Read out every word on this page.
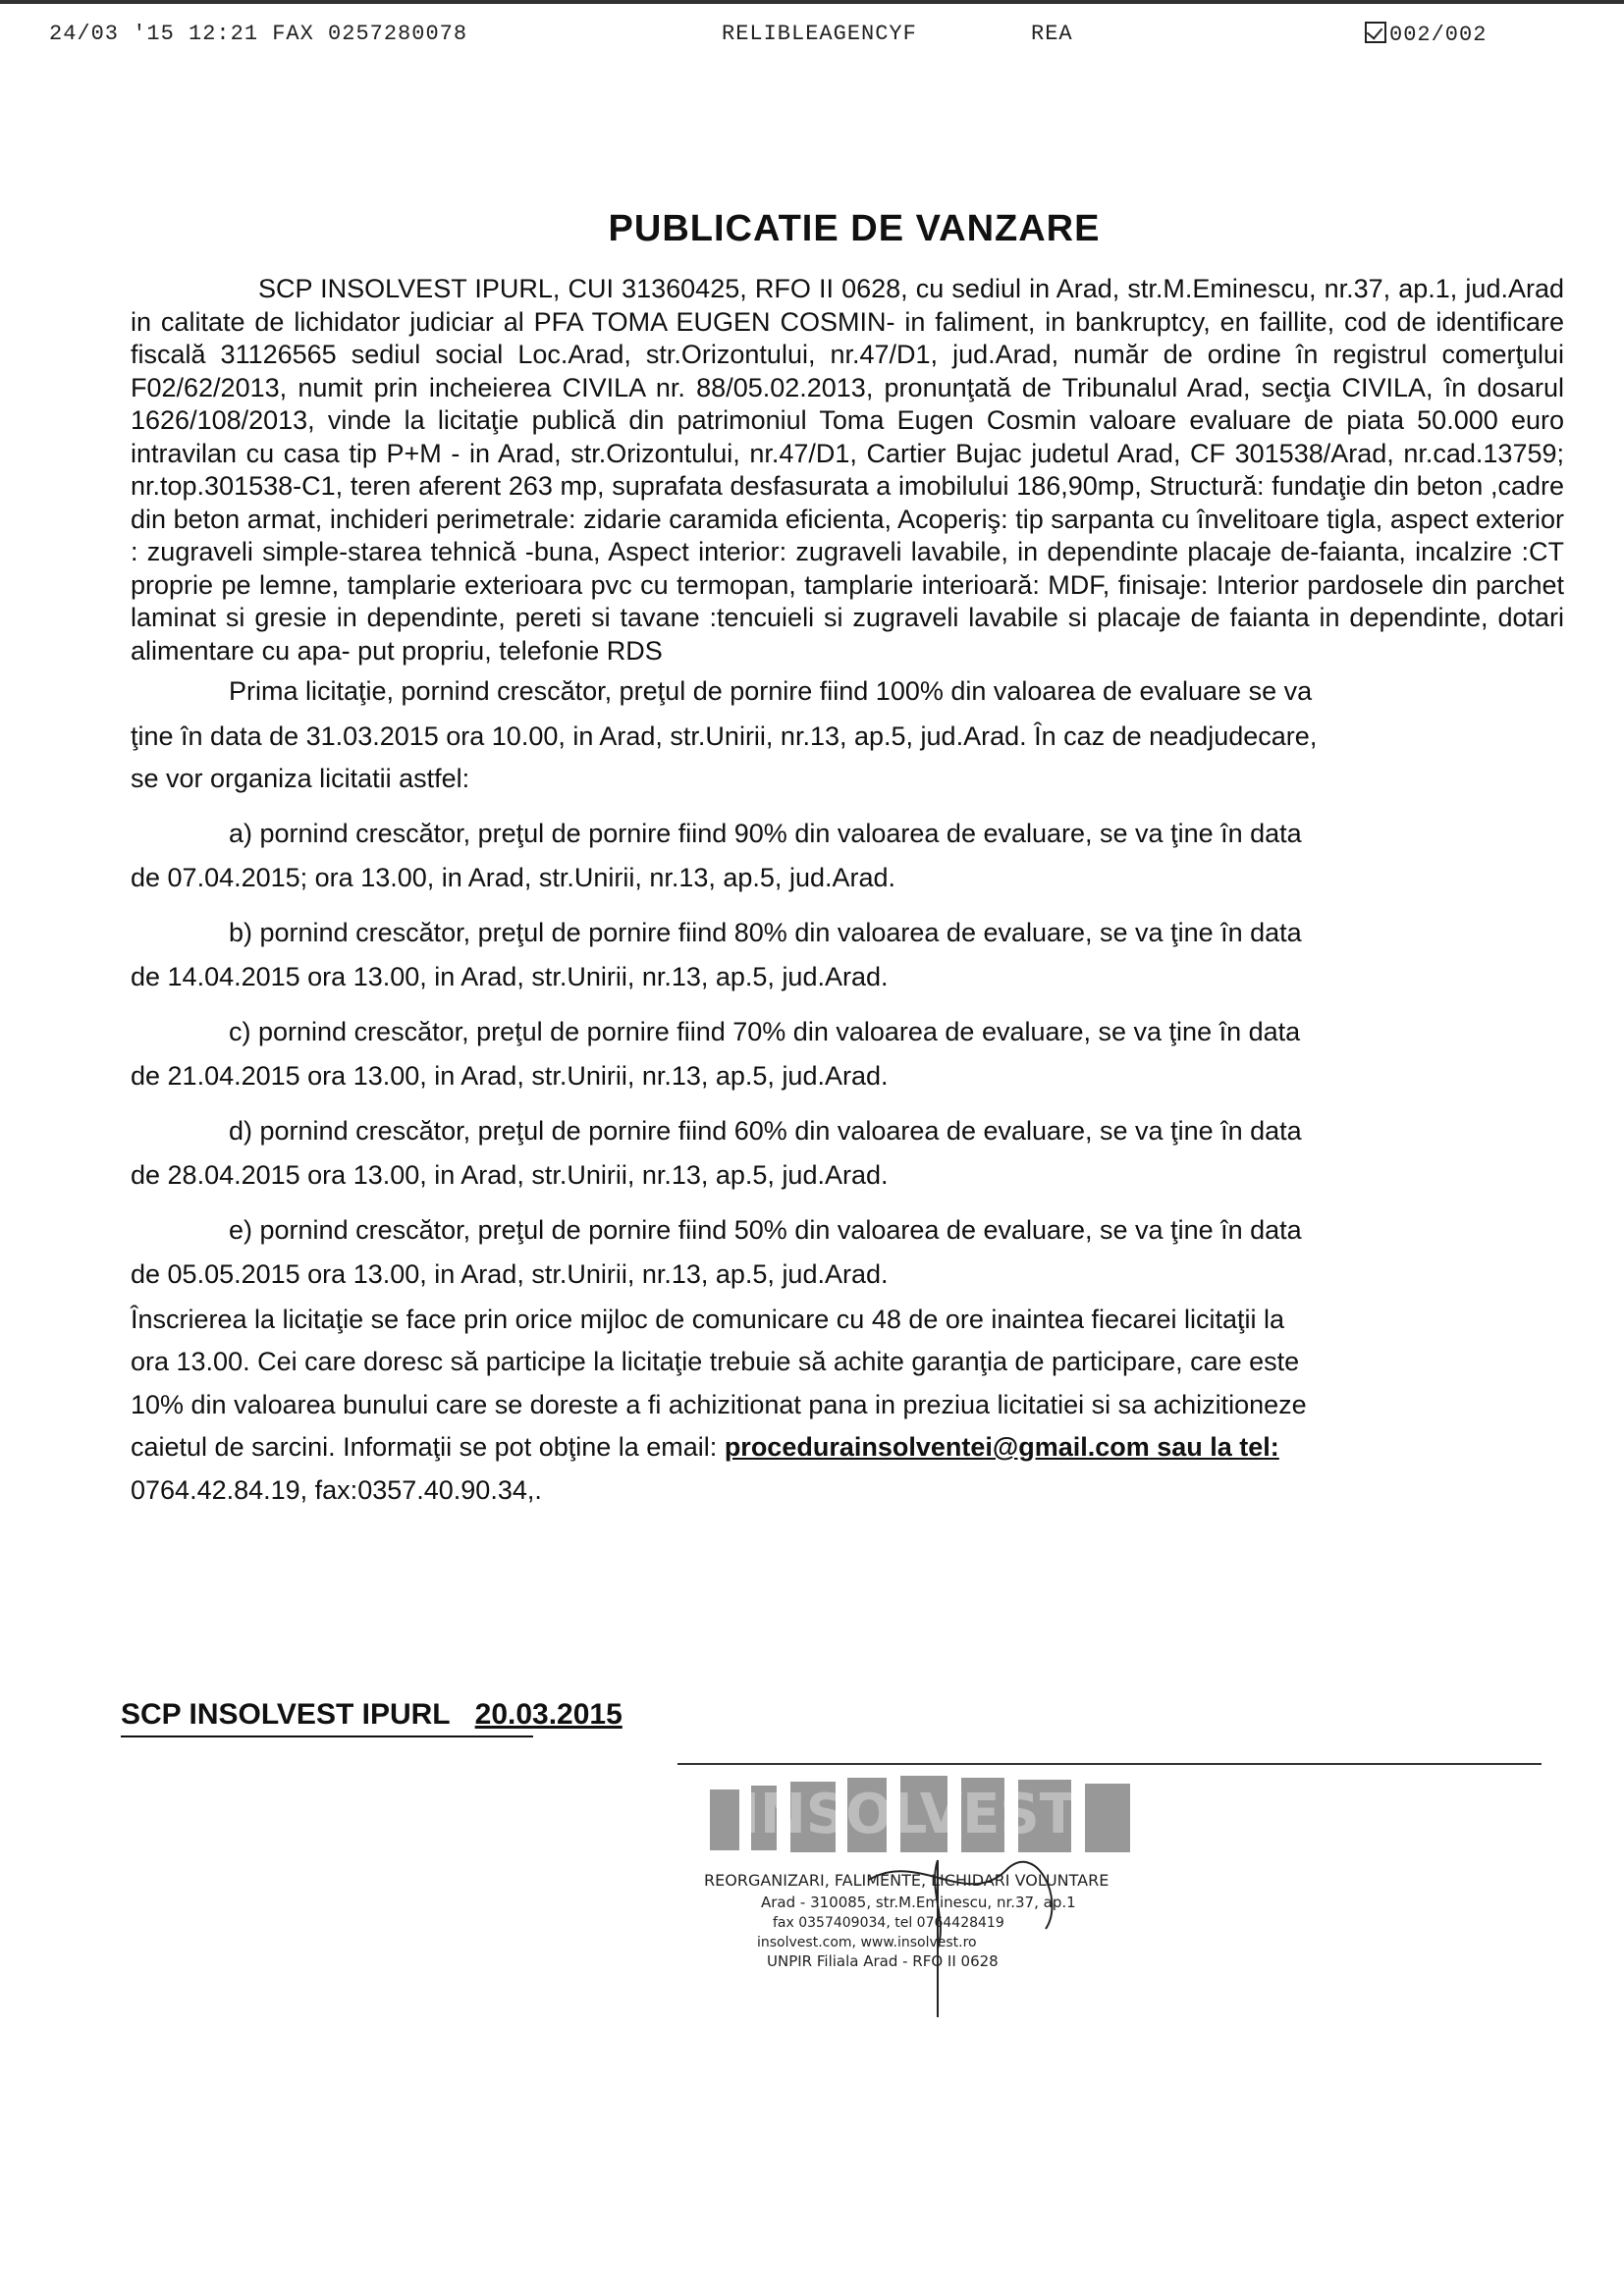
24/03 '15 12:21 FAX 0257280078	RELIBLEAGENCYF	REA	002/002
PUBLICATIE DE VANZARE

SCP INSOLVEST IPURL, CUI 31360425, RFO II 0628, cu sediul in Arad, str.M.Eminescu, nr.37, ap.1, jud.Arad in calitate de lichidator judiciar al PFA TOMA EUGEN COSMIN- in faliment, in bankruptcy, en faillite, cod de identificare fiscală 31126565 sediul social Loc.Arad, str.Orizontului, nr.47/D1, jud.Arad, număr de ordine în registrul comerţului F02/62/2013, numit prin incheierea CIVILA nr. 88/05.02.2013, pronunţată de Tribunalul Arad, secţia CIVILA, în dosarul 1626/108/2013, vinde la licitaţie publică din patrimoniul Toma Eugen Cosmin valoare evaluare de piata 50.000 euro intravilan cu casa tip P+M - in Arad, str.Orizontului, nr.47/D1, Cartier Bujac judetul Arad, CF 301538/Arad, nr.cad.13759; nr.top.301538-C1, teren aferent 263 mp, suprafata desfasurata a imobilului 186,90mp, Structură: fundaţie din beton ,cadre din beton armat, inchideri perimetrale: zidarie caramida eficienta, Acoperiş: tip sarpanta cu învelitoare tigla, aspect exterior : zugraveli simple-starea tehnică -buna, Aspect interior: zugraveli lavabile, in dependinte placaje de-faianta, incalzire :CT proprie pe lemne, tamplarie exterioara pvc cu termopan, tamplarie interioară: MDF, finisaje: Interior pardosele din parchet laminat si gresie in dependinte, pereti si tavane :tencuieli si zugraveli lavabile si placaje de faianta in dependinte, dotari alimentare cu apa- put propriu, telefonie RDS

Prima licitaţie, pornind crescător, preţul de pornire fiind 100% din valoarea de evaluare se va

ţine în data de 31.03.2015 ora 10.00, in Arad, str.Unirii, nr.13, ap.5, jud.Arad. În caz de neadjudecare,

se vor organiza licitatii astfel:

a) pornind crescător, preţul de pornire fiind 90% din valoarea de evaluare, se va ţine în data

de 07.04.2015; ora 13.00, in Arad, str.Unirii, nr.13, ap.5, jud.Arad.

b) pornind crescător, preţul de pornire fiind 80% din valoarea de evaluare, se va ţine în data

de 14.04.2015 ora 13.00, in Arad, str.Unirii, nr.13, ap.5, jud.Arad.

c) pornind crescător, preţul de pornire fiind 70% din valoarea de evaluare, se va ţine în data

de 21.04.2015 ora 13.00, in Arad, str.Unirii, nr.13, ap.5, jud.Arad.

d) pornind crescător, preţul de pornire fiind 60% din valoarea de evaluare, se va ţine în data

de 28.04.2015 ora 13.00, in Arad, str.Unirii, nr.13, ap.5, jud.Arad.

e) pornind crescător, preţul de pornire fiind 50% din valoarea de evaluare, se va ţine în data

de 05.05.2015 ora 13.00, in Arad, str.Unirii, nr.13, ap.5, jud.Arad.

Înscrierea la licitaţie se face prin orice mijloc de comunicare cu 48 de ore inaintea fiecarei licitaţii la

ora 13.00. Cei care doresc să participe la licitaţie trebuie să achite garanţia de participare, care este

10% din valoarea bunului care se doreste a fi achizitionat pana in preziua licitatiei si sa achizitioneze

caietul de sarcini. Informaţii se pot obţine la email: procedurainsolventei@gmail.com sau la tel:

0764.42.84.19, fax:0357.40.90.34,.

SCP INSOLVEST IPURL 20.03.2015
INSOLVEST
REORGANIZARI, FALIMENTE, LICHIDARI VOLUNTARE
Arad - 310085, str.M.Eminescu, nr.37, ap.1
fax 0357409034, tel 0764428419
insolvest.com, www.insolvest.ro
UNPIR Filiala Arad - RFO II 0628
